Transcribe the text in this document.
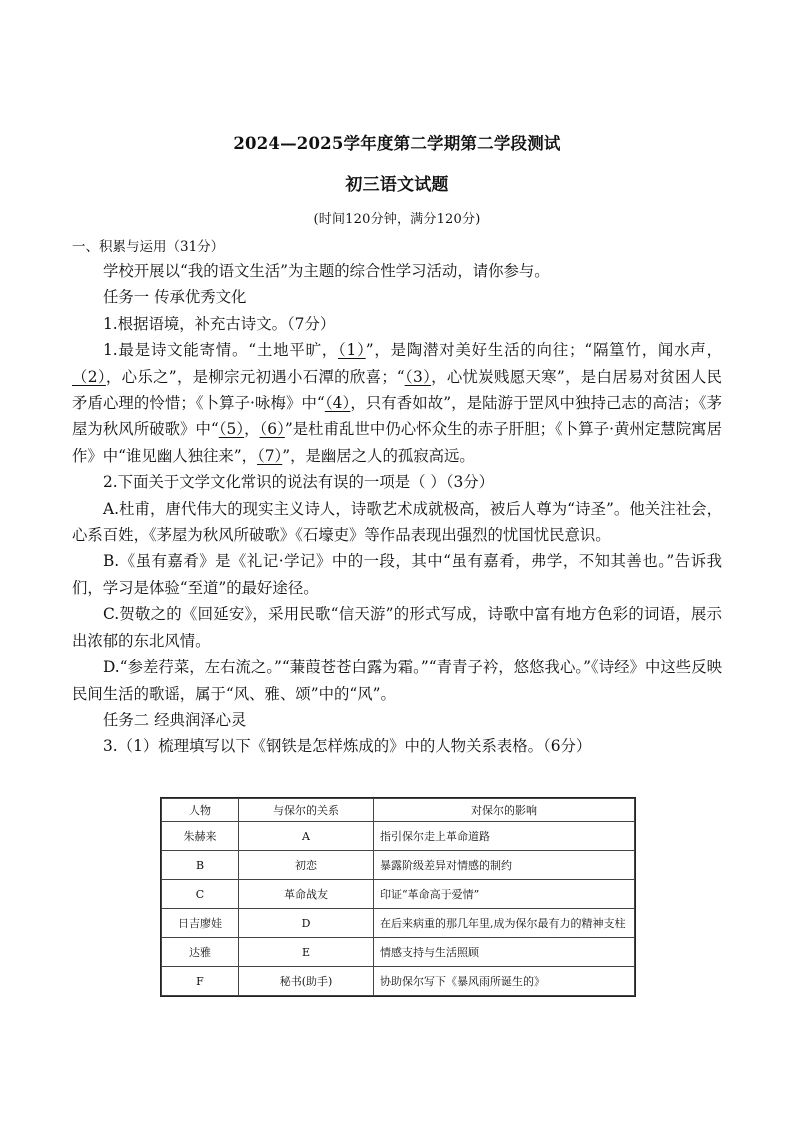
2024—2025学年度第二学期第二学段测试
初三语文试题
(时间120分钟，满分120分)
一、积累与运用（31分）

学校开展以“我的语文生活”为主题的综合性学习活动，请你参与。

任务一 传承优秀文化

1.根据语境，补充古诗文。（7分）

1.最是诗文能寄情。“土地平旷，（1）”，是陶潜对美好生活的向往；“隔篁竹，闻水声，（2），心乐之”，是柳宗元初遇小石潭的欣喜；“（3），心忧炭贱愿天寒”，是白居易对贫困人民矛盾心理的怜惜；《卜算子·咏梅》中“（4），只有香如故”，是陆游于罡风中独持己志的高洁；《茅屋为秋风所破歌》中“（5），（6）”是杜甫乱世中仍心怀众生的赤子肝胆；《卜算子·黄州定慧院寓居作》中“谁见幽人独往来”，（7）”，是幽居之人的孤寂高远。

2.下面关于文学文化常识的说法有误的一项是（ ）（3分）

A.杜甫，唐代伟大的现实主义诗人，诗歌艺术成就极高，被后人尊为“诗圣”。他关注社会，心系百姓，《茅屋为秋风所破歌》《石壕吏》等作品表现出强烈的忧国忧民意识。

B.《虽有嘉肴》是《礼记·学记》中的一段，其中“虽有嘉肴，弗学，不知其善也。”告诉我们，学习是体验“至道”的最好途径。

C.贺敬之的《回延安》，采用民歌“信天游”的形式写成，诗歌中富有地方色彩的词语，展示出浓郁的东北风情。

D.“参差荇菜，左右流之。”“蒹葭苍苍白露为霜。”“青青子衿，悠悠我心。”《诗经》中这些反映民间生活的歌谣，属于“风、雅、颂”中的“风”。

任务二 经典润泽心灵

3.（1）梳理填写以下《钢铁是怎样炼成的》中的人物关系表格。（6分）

人物	与保尔的关系	对保尔的影响
朱赫来	A	指引保尔走上革命道路
B	初恋	暴露阶级差异对情感的制约
C	革命战友	印证“革命高于爱情”
日吉廖娃	D	在后来病重的那几年里,成为保尔最有力的精神支柱
达雅	E	情感支持与生活照顾
F	秘书(助手)	协助保尔写下《暴风雨所诞生的》
